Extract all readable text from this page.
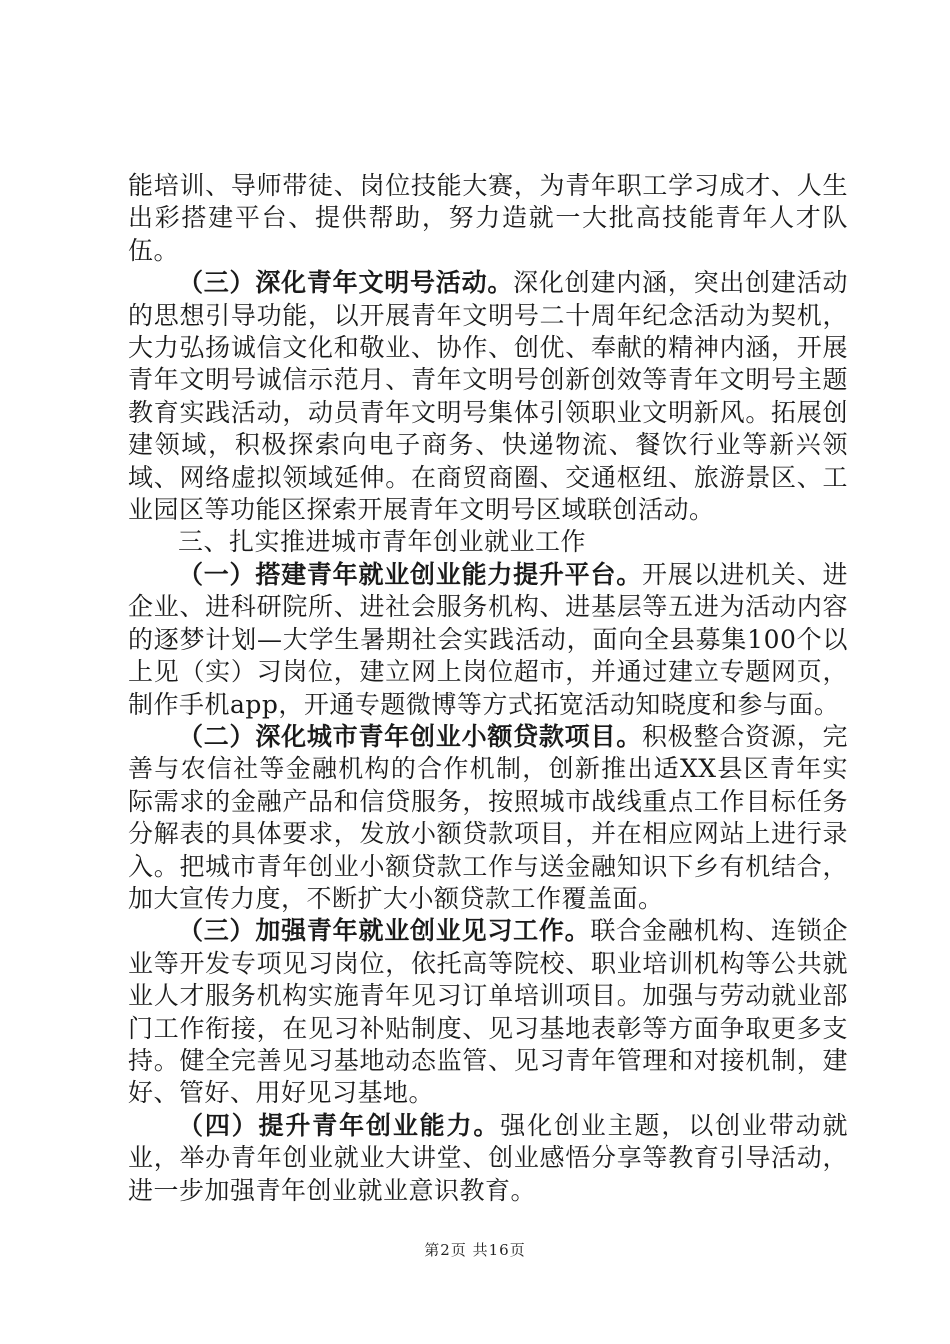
能培训、导师带徒、岗位技能大赛，为青年职工学习成才、人生出彩搭建平台、提供帮助，努力造就一大批高技能青年人才队伍。

（三）深化青年文明号活动。深化创建内涵，突出创建活动的思想引导功能，以开展青年文明号二十周年纪念活动为契机，大力弘扬诚信文化和敬业、协作、创优、奉献的精神内涵，开展青年文明号诚信示范月、青年文明号创新创效等青年文明号主题教育实践活动，动员青年文明号集体引领职业文明新风。拓展创建领域，积极探索向电子商务、快递物流、餐饮行业等新兴领域、网络虚拟领域延伸。在商贸商圈、交通枢纽、旅游景区、工业园区等功能区探索开展青年文明号区域联创活动。

三、扎实推进城市青年创业就业工作

（一）搭建青年就业创业能力提升平台。开展以进机关、进企业、进科研院所、进社会服务机构、进基层等五进为活动内容的逐梦计划—大学生暑期社会实践活动，面向全县募集100个以上见（实）习岗位，建立网上岗位超市，并通过建立专题网页，制作手机app，开通专题微博等方式拓宽活动知晓度和参与面。

（二）深化城市青年创业小额贷款项目。积极整合资源，完善与农信社等金融机构的合作机制，创新推出适XX县区青年实际需求的金融产品和信贷服务，按照城市战线重点工作目标任务分解表的具体要求，发放小额贷款项目，并在相应网站上进行录入。把城市青年创业小额贷款工作与送金融知识下乡有机结合，加大宣传力度，不断扩大小额贷款工作覆盖面。

（三）加强青年就业创业见习工作。联合金融机构、连锁企业等开发专项见习岗位，依托高等院校、职业培训机构等公共就业人才服务机构实施青年见习订单培训项目。加强与劳动就业部门工作衔接，在见习补贴制度、见习基地表彰等方面争取更多支持。健全完善见习基地动态监管、见习青年管理和对接机制，建好、管好、用好见习基地。

（四）提升青年创业能力。强化创业主题，以创业带动就业，举办青年创业就业大讲堂、创业感悟分享等教育引导活动，进一步加强青年创业就业意识教育。

第2页 共16页
